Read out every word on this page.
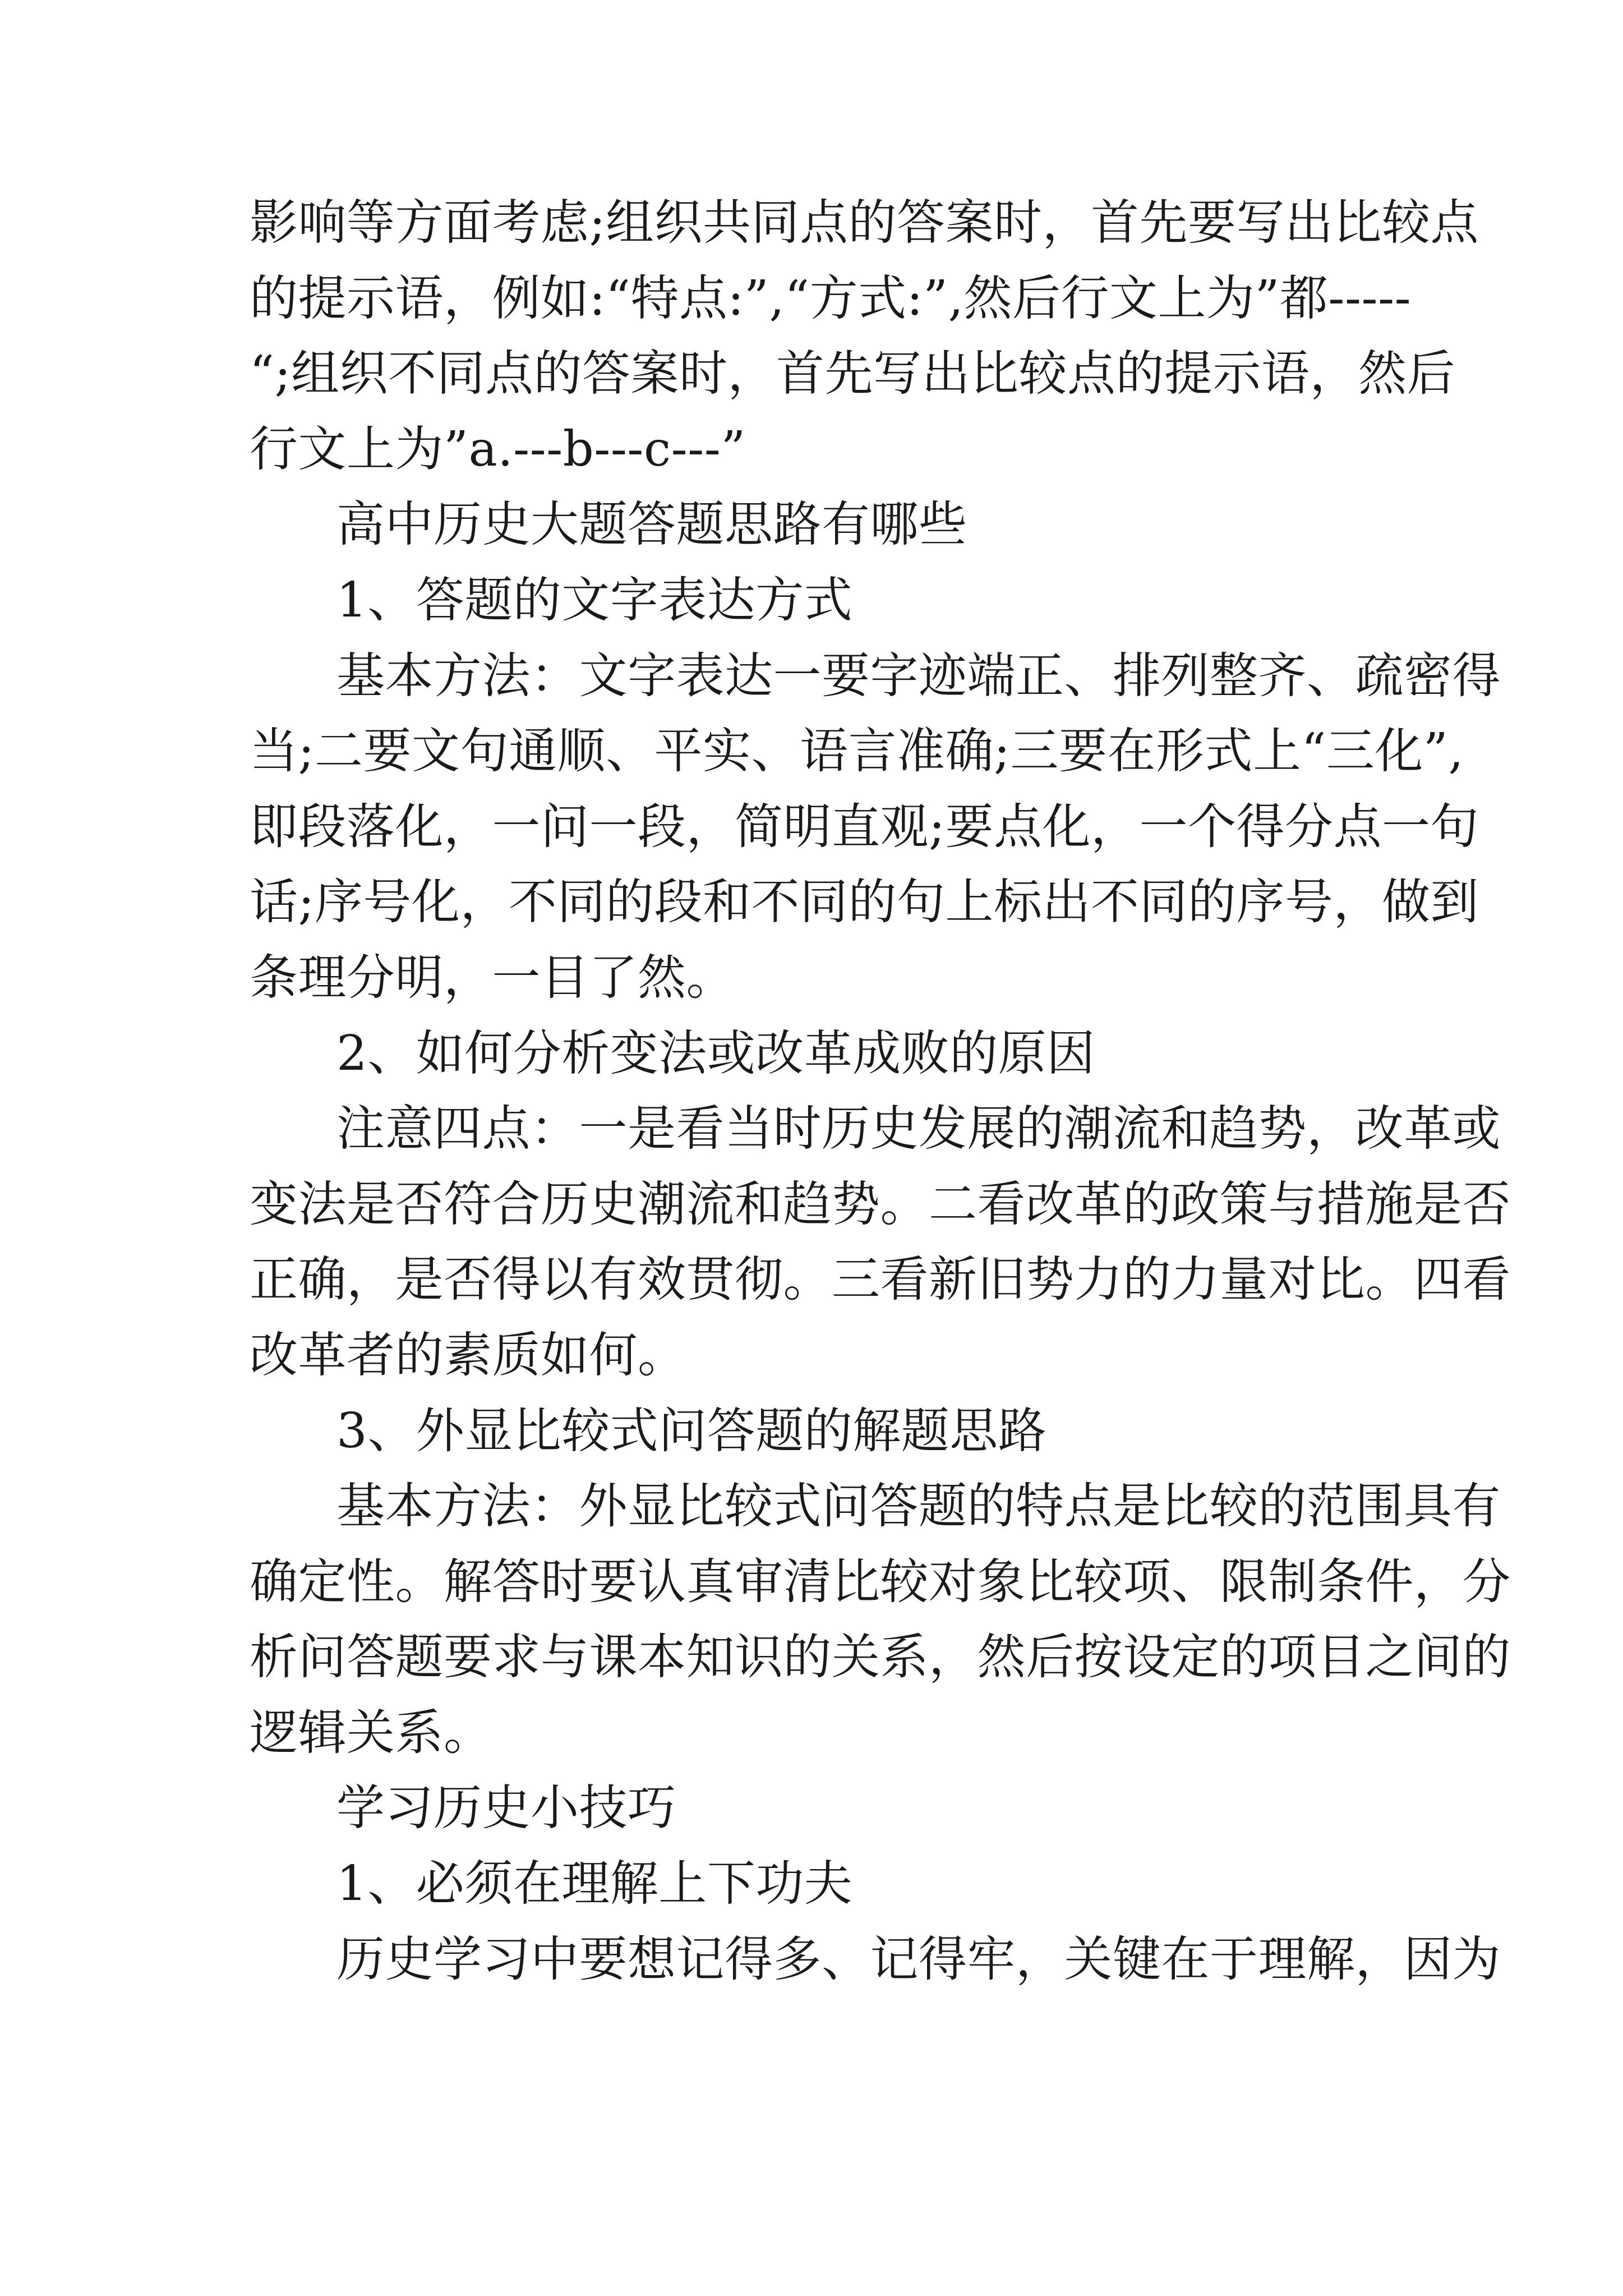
影响等方面考虑;组织共同点的答案时，首先要写出比较点
的提示语，例如:“特点:”,“方式:”,然后行文上为”都-----
“;组织不同点的答案时，首先写出比较点的提示语，然后
行文上为”a.---b---c---”
高中历史大题答题思路有哪些
1、答题的文字表达方式
基本方法：文字表达一要字迹端正、排列整齐、疏密得
当;二要文句通顺、平实、语言准确;三要在形式上“三化”,
即段落化，一问一段，简明直观;要点化，一个得分点一句
话;序号化，不同的段和不同的句上标出不同的序号，做到
条理分明，一目了然。
2、如何分析变法或改革成败的原因
注意四点：一是看当时历史发展的潮流和趋势，改革或
变法是否符合历史潮流和趋势。二看改革的政策与措施是否
正确，是否得以有效贯彻。三看新旧势力的力量对比。四看
改革者的素质如何。
3、外显比较式问答题的解题思路
基本方法：外显比较式问答题的特点是比较的范围具有
确定性。解答时要认真审清比较对象比较项、限制条件，分
析问答题要求与课本知识的关系，然后按设定的项目之间的
逻辑关系。
学习历史小技巧
1、必须在理解上下功夫
历史学习中要想记得多、记得牢，关键在于理解，因为
